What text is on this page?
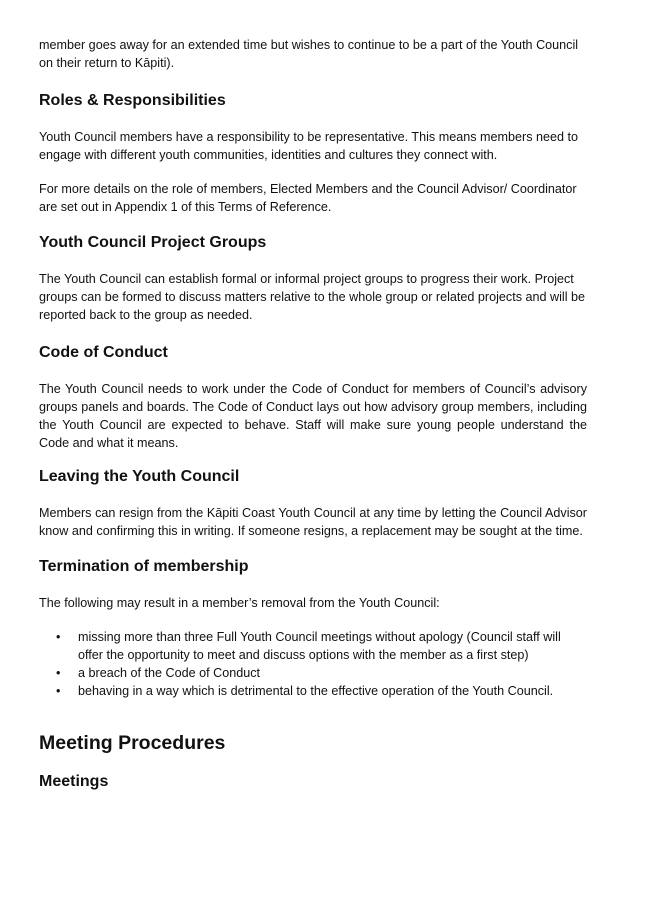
member goes away for an extended time but wishes to continue to be a part of the Youth Council on their return to Kāpiti).

Roles & Responsibilities

Youth Council members have a responsibility to be representative. This means members need to engage with different youth communities, identities and cultures they connect with.

For more details on the role of members, Elected Members and the Council Advisor/ Coordinator are set out in Appendix 1 of this Terms of Reference.

Youth Council Project Groups

The Youth Council can establish formal or informal project groups to progress their work. Project groups can be formed to discuss matters relative to the whole group or related projects and will be reported back to the group as needed.

Code of Conduct

The Youth Council needs to work under the Code of Conduct for members of Council’s advisory groups panels and boards. The Code of Conduct lays out how advisory group members, including the Youth Council are expected to behave. Staff will make sure young people understand the Code and what it means.

Leaving the Youth Council

Members can resign from the Kāpiti Coast Youth Council at any time by letting the Council Advisor know and confirming this in writing. If someone resigns, a replacement may be sought at the time.

Termination of membership

The following may result in a member’s removal from the Youth Council:

• missing more than three Full Youth Council meetings without apology (Council staff will offer the opportunity to meet and discuss options with the member as a first step)
• a breach of the Code of Conduct
• behaving in a way which is detrimental to the effective operation of the Youth Council.
Meeting Procedures
Meetings
